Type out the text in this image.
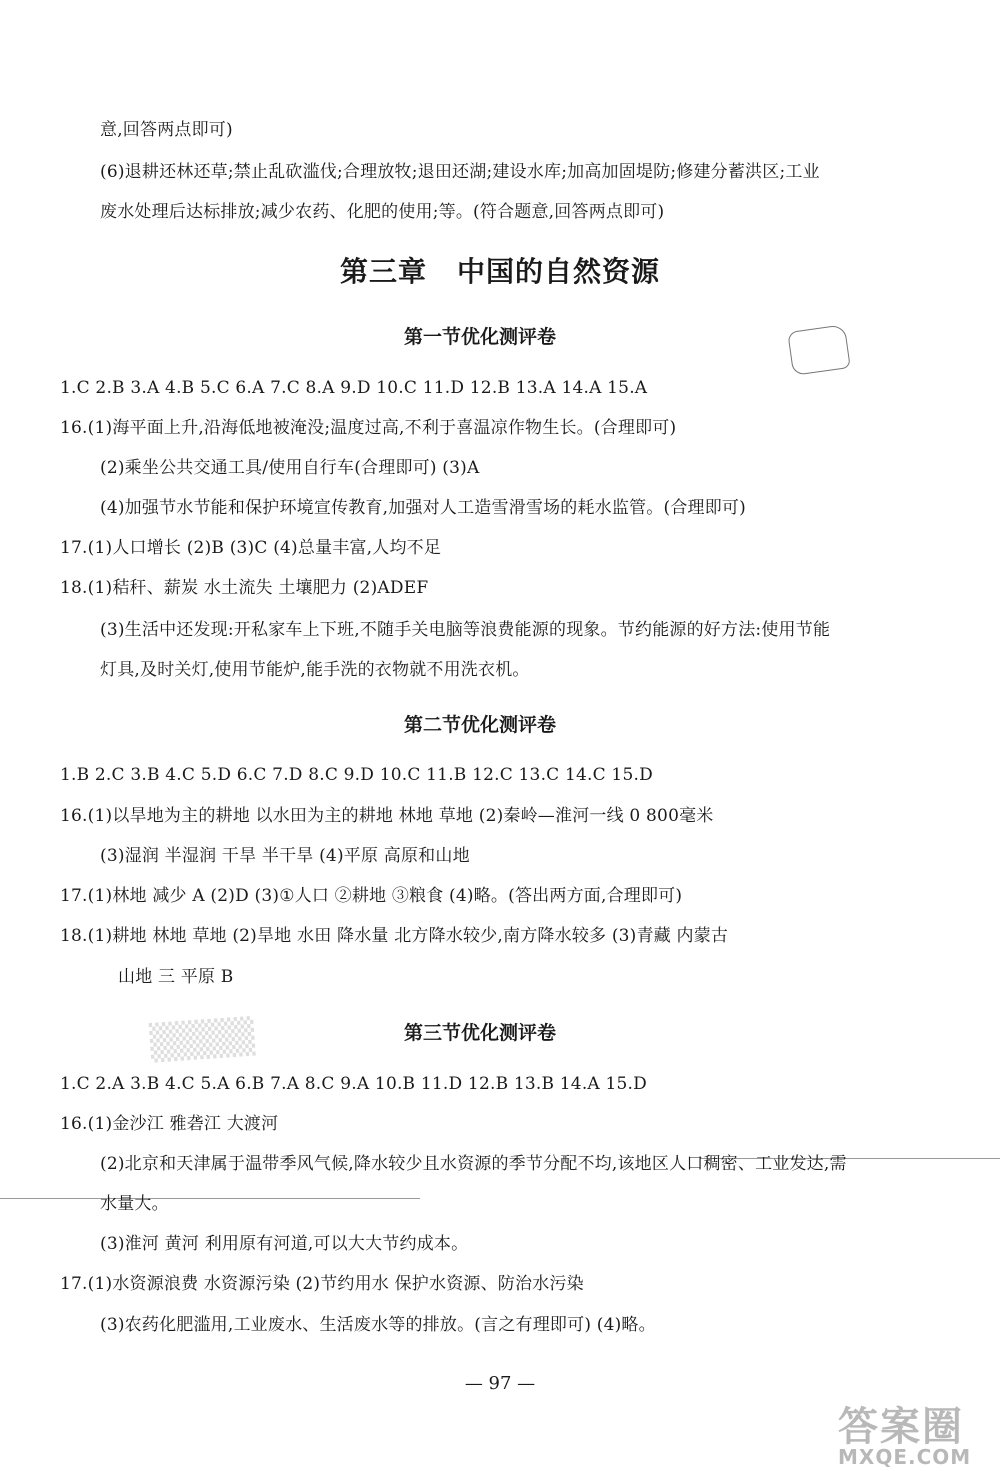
意,回答两点即可)
(6)退耕还林还草;禁止乱砍滥伐;合理放牧;退田还湖;建设水库;加高加固堤防;修建分蓄洪区;工业
废水处理后达标排放;减少农药、化肥的使用;等。(符合题意,回答两点即可)
第三章 中国的自然资源
第一节优化测评卷
1.C 2.B 3.A 4.B 5.C 6.A 7.C 8.A 9.D 10.C 11.D 12.B 13.A 14.A 15.A
16.(1)海平面上升,沿海低地被淹没;温度过高,不利于喜温凉作物生长。(合理即可)
(2)乘坐公共交通工具/使用自行车(合理即可) (3)A
(4)加强节水节能和保护环境宣传教育,加强对人工造雪滑雪场的耗水监管。(合理即可)
17.(1)人口增长 (2)B (3)C (4)总量丰富,人均不足
18.(1)秸秆、薪炭 水土流失 土壤肥力 (2)ADEF
(3)生活中还发现:开私家车上下班,不随手关电脑等浪费能源的现象。节约能源的好方法:使用节能
灯具,及时关灯,使用节能炉,能手洗的衣物就不用洗衣机。
第二节优化测评卷
1.B 2.C 3.B 4.C 5.D 6.C 7.D 8.C 9.D 10.C 11.B 12.C 13.C 14.C 15.D
16.(1)以旱地为主的耕地 以水田为主的耕地 林地 草地 (2)秦岭—淮河一线 0 800毫米
(3)湿润 半湿润 干旱 半干旱 (4)平原 高原和山地
17.(1)林地 减少 A (2)D (3)①人口 ②耕地 ③粮食 (4)略。(答出两方面,合理即可)
18.(1)耕地 林地 草地 (2)旱地 水田 降水量 北方降水较少,南方降水较多 (3)青藏 内蒙古
山地 三 平原 B
▒▒▒▒	第三节优化测评卷
1.C 2.A 3.B 4.C 5.A 6.B 7.A 8.C 9.A 10.B 11.D 12.B 13.B 14.A 15.D
16.(1)金沙江 雅砻江 大渡河
(2)北京和天津属于温带季风气候,降水较少且水资源的季节分配不均,该地区人口稠密、工业发达,需
水量大。
(3)淮河 黄河 利用原有河道,可以大大节约成本。
17.(1)水资源浪费 水资源污染 (2)节约用水 保护水资源、防治水污染
(3)农药化肥滥用,工业废水、生活废水等的排放。(言之有理即可) (4)略。
— 97 —
答案圈
MXQE.COM
